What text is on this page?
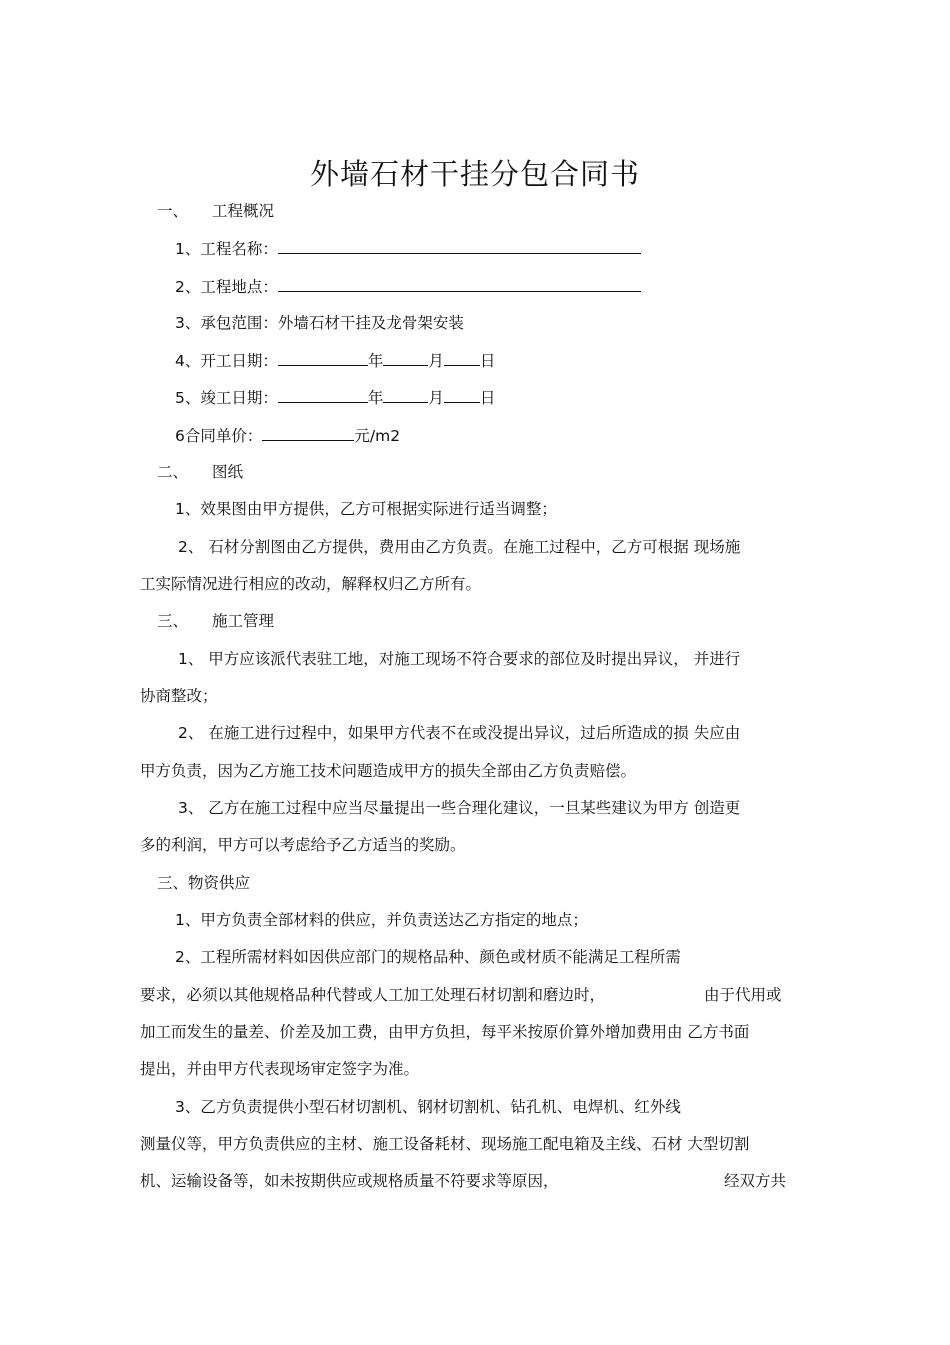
外墙石材干挂分包合同书
一、 工程概况
1、工程名称：
2、工程地点：
3、承包范围：外墙石材干挂及龙骨架安装
4、开工日期：	年	月 日
5、竣工日期：	年	月 日
6合同单价：	元/m2
二、 图纸
1、效果图由甲方提供，乙方可根据实际进行适当调整；
2、 石材分割图由乙方提供，费用由乙方负责。在施工过程中，乙方可根据 现场施
工实际情况进行相应的改动，解释权归乙方所有。
三、 施工管理
1、 甲方应该派代表驻工地，对施工现场不符合要求的部位及时提出异议， 并进行
协商整改；
2、 在施工进行过程中，如果甲方代表不在或没提出异议，过后所造成的损 失应由
甲方负责，因为乙方施工技术问题造成甲方的损失全部由乙方负责赔偿。
3、 乙方在施工过程中应当尽量提出一些合理化建议，一旦某些建议为甲方 创造更
多的利润，甲方可以考虑给予乙方适当的奖励。
三、物资供应
1、甲方负责全部材料的供应，并负责送达乙方指定的地点；
2、工程所需材料如因供应部门的规格品种、颜色或材质不能满足工程所需
要求，必须以其他规格品种代替或人工加工处理石材切割和磨边时，	由于代用或
加工而发生的量差、价差及加工费，由甲方负担，每平米按原价算外增加费用由 乙方书面
提出，并由甲方代表现场审定签字为准。
3、乙方负责提供小型石材切割机、钢材切割机、钻孔机、电焊机、红外线
测量仪等，甲方负责供应的主材、施工设备耗材、现场施工配电箱及主线、石材 大型切割
机、运输设备等，如未按期供应或规格质量不符要求等原因，	经双方共
